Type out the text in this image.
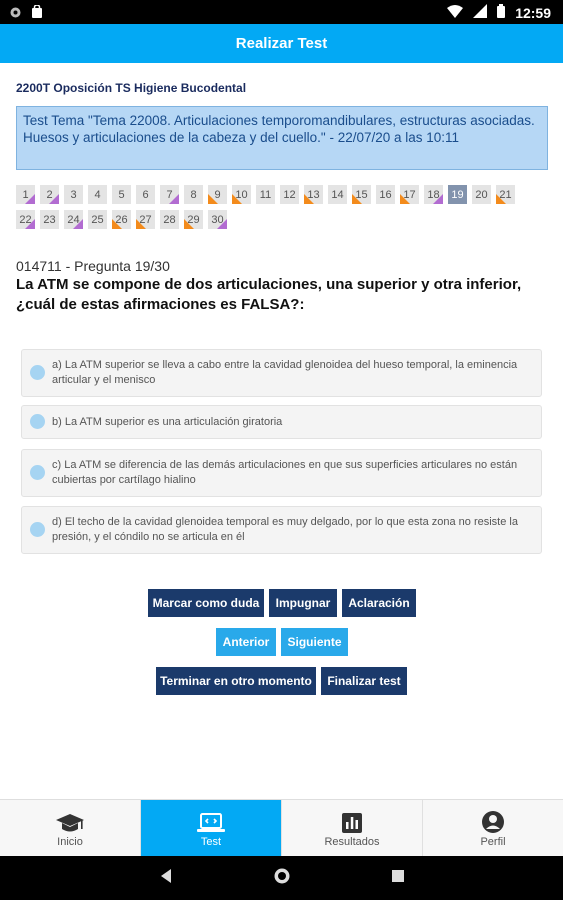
12:59
Realizar Test
2200T Oposición TS Higiene Bucodental
Test Tema "Tema 22008. Articulaciones temporomandibulares, estructuras asociadas. Huesos y articulaciones de la cabeza y del cuello." - 22/07/20 a las 10:11
1	2	3	4	5	6	7	8	9	10	11	12	13	14	15	16	17	18	19	20	21
22	23	24	25	26	27	28	29	30
014711 - Pregunta 19/30
La ATM se compone de dos articulaciones, una superior y otra inferior, ¿cuál de estas afirmaciones es FALSA?:
a) La ATM superior se lleva a cabo entre la cavidad glenoidea del hueso temporal, la eminencia articular y el menisco
b) La ATM superior es una articulación giratoria
c) La ATM se diferencia de las demás articulaciones en que sus superficies articulares no están cubiertas por cartílago hialino
d) El techo de la cavidad glenoidea temporal es muy delgado, por lo que esta zona no resiste la presión, y el cóndilo no se articula en él
Marcar como duda	Impugnar	Aclaración
Anterior	Siguiente
Terminar en otro momento	Finalizar test
Inicio	Test	Resultados	Perfil
